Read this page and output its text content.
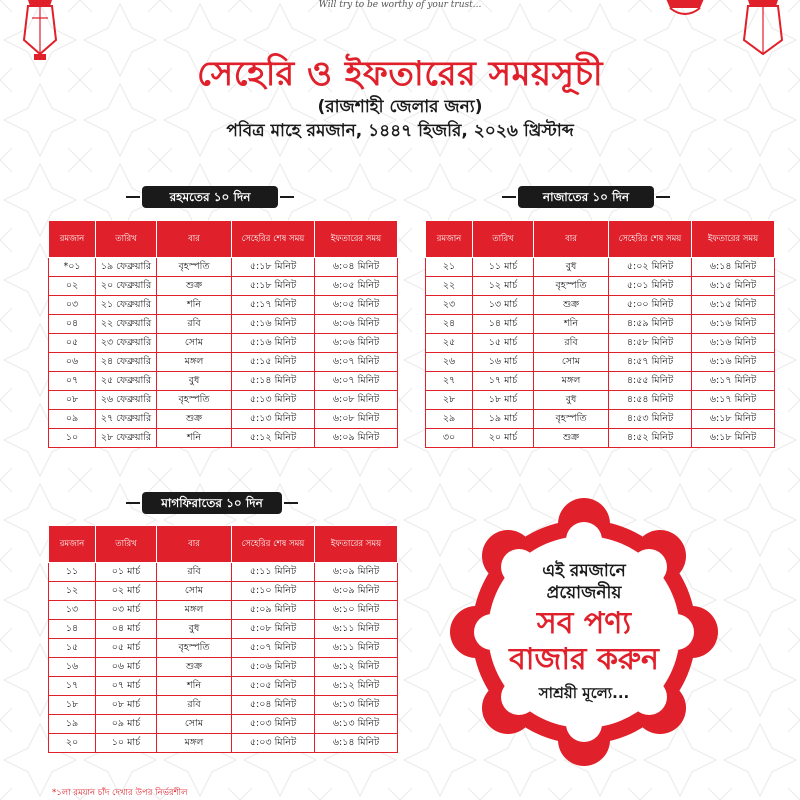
Will try to be worthy of your trust...
সেহেরি ও ইফতারের সময়সূচী
(রাজশাহী জেলার জন্য)
পবিত্র মাহে রমজান, ১৪৪৭ হিজরি, ২০২৬ খ্রিস্টাব্দ
রহমতের ১০ দিন
রমজান	তারিখ	বার	সেহেরির শেষ সময়	ইফতারের সময়
*০১	১৯ ফেব্রুয়ারি	বৃহস্পতি	৫:১৮ মিনিট	৬:০৪ মিনিট
০২	২০ ফেব্রুয়ারি	শুক্র	৫:১৮ মিনিট	৬:০৫ মিনিট
০৩	২১ ফেব্রুয়ারি	শনি	৫:১৭ মিনিট	৬:০৫ মিনিট
০৪	২২ ফেব্রুয়ারি	রবি	৫:১৬ মিনিট	৬:০৬ মিনিট
০৫	২৩ ফেব্রুয়ারি	সোম	৫:১৬ মিনিট	৬:০৬ মিনিট
০৬	২৪ ফেব্রুয়ারি	মঙ্গল	৫:১৫ মিনিট	৬:০৭ মিনিট
০৭	২৫ ফেব্রুয়ারি	বুধ	৫:১৪ মিনিট	৬:০৭ মিনিট
০৮	২৬ ফেব্রুয়ারি	বৃহস্পতি	৫:১৩ মিনিট	৬:০৮ মিনিট
০৯	২৭ ফেব্রুয়ারি	শুক্র	৫:১৩ মিনিট	৬:০৮ মিনিট
১০	২৮ ফেব্রুয়ারি	শনি	৫:১২ মিনিট	৬:০৯ মিনিট
নাজাতের ১০ দিন
রমজান	তারিখ	বার	সেহেরির শেষ সময়	ইফতারের সময়
২১	১১ মার্চ	বুধ	৫:০২ মিনিট	৬:১৪ মিনিট
২২	১২ মার্চ	বৃহস্পতি	৫:০১ মিনিট	৬:১৫ মিনিট
২৩	১৩ মার্চ	শুক্র	৫:০০ মিনিট	৬:১৫ মিনিট
২৪	১৪ মার্চ	শনি	৪:৫৯ মিনিট	৬:১৬ মিনিট
২৫	১৫ মার্চ	রবি	৪:৫৮ মিনিট	৬:১৬ মিনিট
২৬	১৬ মার্চ	সোম	৪:৫৭ মিনিট	৬:১৬ মিনিট
২৭	১৭ মার্চ	মঙ্গল	৪:৫৫ মিনিট	৬:১৭ মিনিট
২৮	১৮ মার্চ	বুধ	৪:৫৪ মিনিট	৬:১৭ মিনিট
২৯	১৯ মার্চ	বৃহস্পতি	৪:৫৩ মিনিট	৬:১৮ মিনিট
৩০	২০ মার্চ	শুক্র	৪:৫২ মিনিট	৬:১৮ মিনিট
মাগফিরাতের ১০ দিন
রমজান	তারিখ	বার	সেহেরির শেষ সময়	ইফতারের সময়
১১	০১ মার্চ	রবি	৫:১১ মিনিট	৬:০৯ মিনিট
১২	০২ মার্চ	সোম	৫:১০ মিনিট	৬:০৯ মিনিট
১৩	০৩ মার্চ	মঙ্গল	৫:০৯ মিনিট	৬:১০ মিনিট
১৪	০৪ মার্চ	বুধ	৫:০৮ মিনিট	৬:১১ মিনিট
১৫	০৫ মার্চ	বৃহস্পতি	৫:০৭ মিনিট	৬:১১ মিনিট
১৬	০৬ মার্চ	শুক্র	৫:০৬ মিনিট	৬:১২ মিনিট
১৭	০৭ মার্চ	শনি	৫:০৫ মিনিট	৬:১২ মিনিট
১৮	০৮ মার্চ	রবি	৫:০৪ মিনিট	৬:১৩ মিনিট
১৯	০৯ মার্চ	সোম	৫:০৩ মিনিট	৬:১৩ মিনিট
২০	১০ মার্চ	মঙ্গল	৫:০৩ মিনিট	৬:১৪ মিনিট
এই রমজানে
প্রয়োজনীয়
সব পণ্য
বাজার করুন
সাশ্রয়ী মূল্যে...
*১লা রমযান চাঁদ দেখার উপর নির্ভরশীল
